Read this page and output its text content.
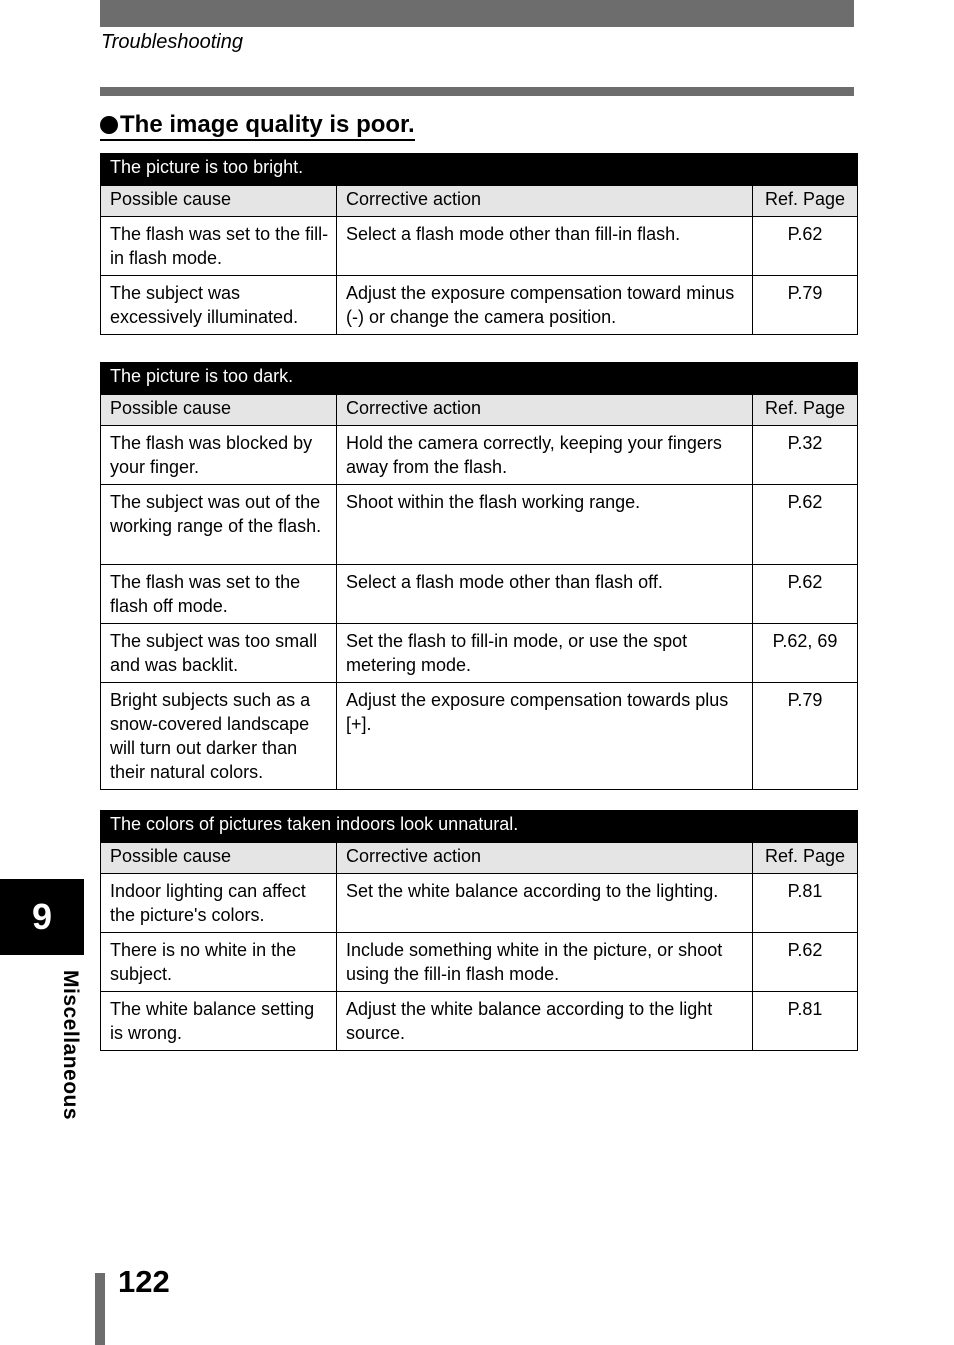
Troubleshooting
The image quality is poor.
The picture is too bright.		
Possible cause	Corrective action	Ref. Page
The flash was set to the fill-in flash mode.	Select a flash mode other than fill-in flash.	P.62
The subject was excessively illuminated.	Adjust the exposure compensation toward minus (-) or change the camera position.	P.79
The picture is too dark.		
Possible cause	Corrective action	Ref. Page
The flash was blocked by your finger.	Hold the camera correctly, keeping your fingers away from the flash.	P.32
The subject was out of the working range of the flash.	Shoot within the flash working range.	P.62
The flash was set to the flash off mode.	Select a flash mode other than flash off.	P.62
The subject was too small and was backlit.	Set the flash to fill-in mode, or use the spot metering mode.	P.62, 69
Bright subjects such as a snow-covered landscape will turn out darker than their natural colors.	Adjust the exposure compensation towards plus [+].	P.79
The colors of pictures taken indoors look unnatural.		
Possible cause	Corrective action	Ref. Page
Indoor lighting can affect the picture's colors.	Set the white balance according to the lighting.	P.81
There is no white in the subject.	Include something white in the picture, or shoot using the fill-in flash mode.	P.62
The white balance setting is wrong.	Adjust the white balance according to the light source.	P.81
9
Miscellaneous
122
